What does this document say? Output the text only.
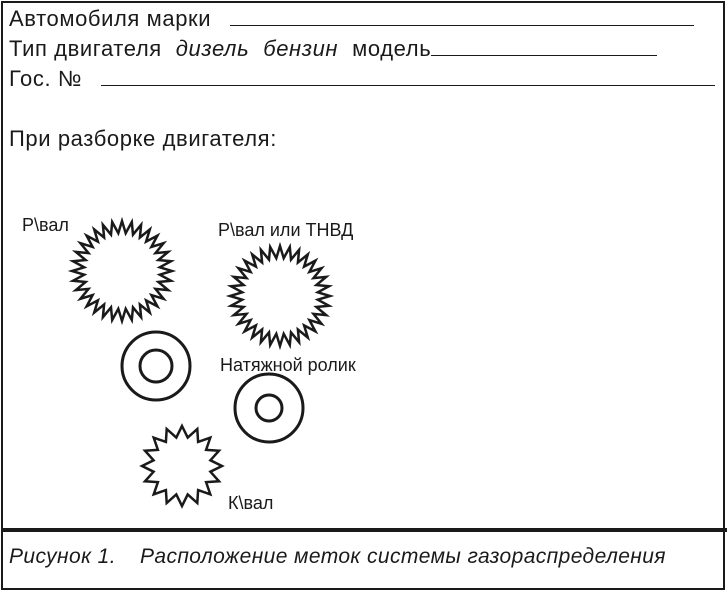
Автомобиля марки
Тип двигателя дизель бензин модель
Гос. №
При разборке двигателя:
Р\вал	Р\вал или ТНВД
Натяжной ролик
К\вал
Рисунок 1. Расположение меток системы газораспределения
